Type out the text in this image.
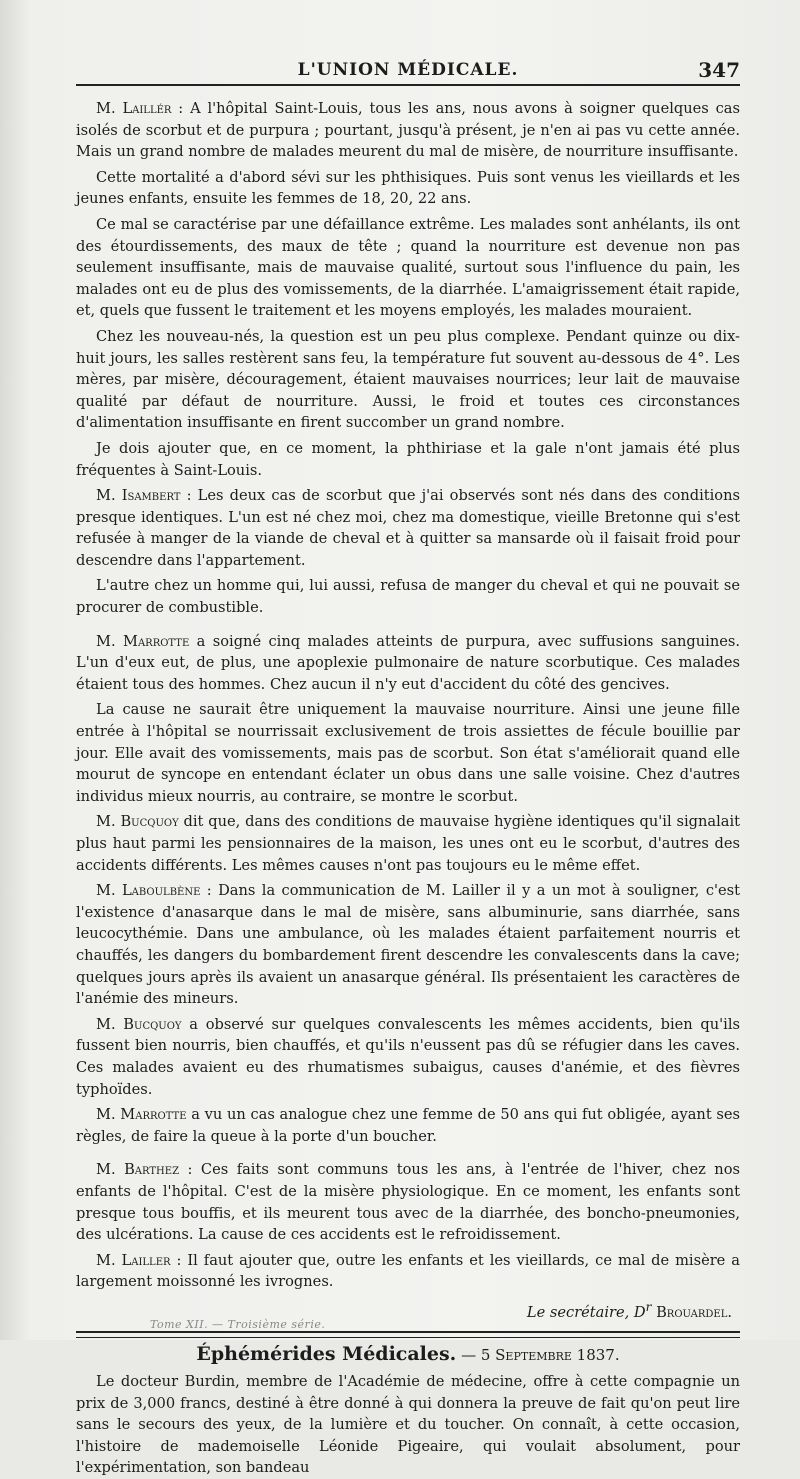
L'UNION MÉDICALE.	347

M. Laillér : A l'hôpital Saint-Louis, tous les ans, nous avons à soigner quelques cas isolés de scorbut et de purpura ; pourtant, jusqu'à présent, je n'en ai pas vu cette année. Mais un grand nombre de malades meurent du mal de misère, de nourriture insuffisante.

Cette mortalité a d'abord sévi sur les phthisiques. Puis sont venus les vieillards et les jeunes enfants, ensuite les femmes de 18, 20, 22 ans.

Ce mal se caractérise par une défaillance extrême. Les malades sont anhélants, ils ont des étourdissements, des maux de tête ; quand la nourriture est devenue non pas seulement insuffisante, mais de mauvaise qualité, surtout sous l'influence du pain, les malades ont eu de plus des vomissements, de la diarrhée. L'amaigrissement était rapide, et, quels que fussent le traitement et les moyens employés, les malades mouraient.

Chez les nouveau-nés, la question est un peu plus complexe. Pendant quinze ou dix-huit jours, les salles restèrent sans feu, la température fut souvent au-dessous de 4°. Les mères, par misère, découragement, étaient mauvaises nourrices; leur lait de mauvaise qualité par défaut de nourriture. Aussi, le froid et toutes ces circonstances d'alimentation insuffisante en firent succomber un grand nombre.

Je dois ajouter que, en ce moment, la phthiriase et la gale n'ont jamais été plus fréquentes à Saint-Louis.

M. Isambert : Les deux cas de scorbut que j'ai observés sont nés dans des conditions presque identiques. L'un est né chez moi, chez ma domestique, vieille Bretonne qui s'est refusée à manger de la viande de cheval et à quitter sa mansarde où il faisait froid pour descendre dans l'appartement.

L'autre chez un homme qui, lui aussi, refusa de manger du cheval et qui ne pouvait se procurer de combustible.

M. Marrotte a soigné cinq malades atteints de purpura, avec suffusions sanguines. L'un d'eux eut, de plus, une apoplexie pulmonaire de nature scorbutique. Ces malades étaient tous des hommes. Chez aucun il n'y eut d'accident du côté des gencives.

La cause ne saurait être uniquement la mauvaise nourriture. Ainsi une jeune fille entrée à l'hôpital se nourrissait exclusivement de trois assiettes de fécule bouillie par jour. Elle avait des vomissements, mais pas de scorbut. Son état s'améliorait quand elle mourut de syncope en entendant éclater un obus dans une salle voisine. Chez d'autres individus mieux nourris, au contraire, se montre le scorbut.

M. Bucquoy dit que, dans des conditions de mauvaise hygiène identiques qu'il signalait plus haut parmi les pensionnaires de la maison, les unes ont eu le scorbut, d'autres des accidents différents. Les mêmes causes n'ont pas toujours eu le même effet.

M. Laboulbène : Dans la communication de M. Lailler il y a un mot à souligner, c'est l'existence d'anasarque dans le mal de misère, sans albuminurie, sans diarrhée, sans leucocythémie. Dans une ambulance, où les malades étaient parfaitement nourris et chauffés, les dangers du bombardement firent descendre les convalescents dans la cave; quelques jours après ils avaient un anasarque général. Ils présentaient les caractères de l'anémie des mineurs.

M. Bucquoy a observé sur quelques convalescents les mêmes accidents, bien qu'ils fussent bien nourris, bien chauffés, et qu'ils n'eussent pas dû se réfugier dans les caves. Ces malades avaient eu des rhumatismes subaigus, causes d'anémie, et des fièvres typhoïdes.

M. Marrotte a vu un cas analogue chez une femme de 50 ans qui fut obligée, ayant ses règles, de faire la queue à la porte d'un boucher.

M. Barthez : Ces faits sont communs tous les ans, à l'entrée de l'hiver, chez nos enfants de l'hôpital. C'est de la misère physiologique. En ce moment, les enfants sont presque tous bouffis, et ils meurent tous avec de la diarrhée, des boncho-pneumonies, des ulcérations. La cause de ces accidents est le refroidissement.

M. Lailler : Il faut ajouter que, outre les enfants et les vieillards, ce mal de misère a largement moissonné les ivrognes.

Le secrétaire, $D^r$ Brouardel.
Éphémérides Médicales. — 5 Septembre 1837.

Le docteur Burdin, membre de l'Académie de médecine, offre à cette compagnie un prix de 3,000 francs, destiné à être donné à qui donnera la preuve de fait qu'on peut lire sans le secours des yeux, de la lumière et du toucher. On connaît, à cette occasion, l'histoire de mademoiselle Léonide Pigeaire, qui voulait absolument, pour l'expérimentation, son bandeau

Tome XII. — Troisième série.
